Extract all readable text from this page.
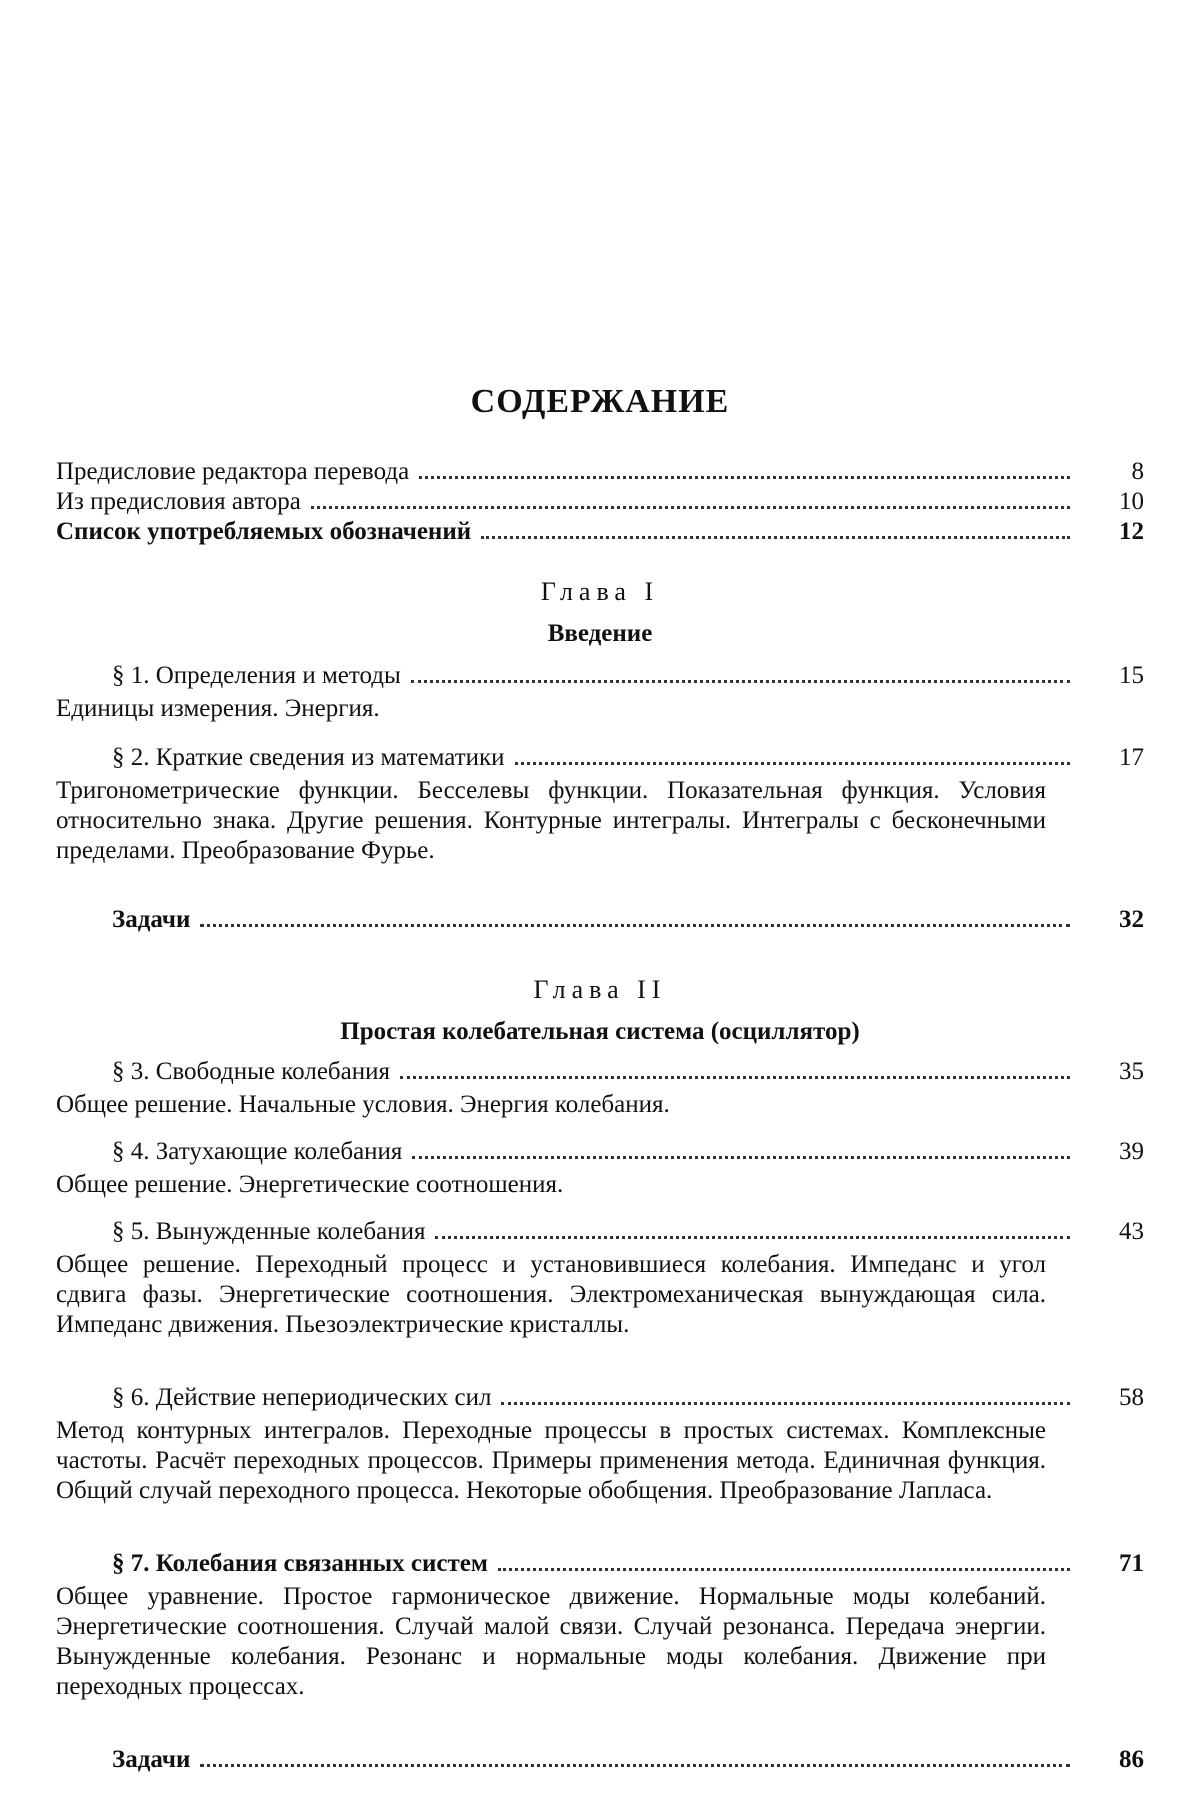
СОДЕРЖАНИЕ
Предисловие редактора перевода	8
Из предисловия автора	10
Список употребляемых обозначений	12
Глава I
Введение
§ 1. Определения и методы	15
Единицы измерения. Энергия.
§ 2. Краткие сведения из математики	17
Тригонометрические функции. Бесселевы функции. Показательная функция. Условия относительно знака. Другие решения. Контурные интегралы. Интегралы с бесконечными пределами. Преобразование Фурье.
Задачи	32
Глава II
Простая колебательная система (осциллятор)
§ 3. Свободные колебания	35
Общее решение. Начальные условия. Энергия колебания.
§ 4. Затухающие колебания	39
Общее решение. Энергетические соотношения.
§ 5. Вынужденные колебания	43
Общее решение. Переходный процесс и установившиеся колебания. Импеданс и угол сдвига фазы. Энергетические соотношения. Электромеханическая вынуждающая сила. Импеданс движения. Пьезоэлектрические кристаллы.
§ 6. Действие непериодических сил	58
Метод контурных интегралов. Переходные процессы в простых системах. Комплексные частоты. Расчёт переходных процессов. Примеры применения метода. Единичная функция. Общий случай переходного процесса. Некоторые обобщения. Преобразование Лапласа.
§ 7. Колебания связанных систем	71
Общее уравнение. Простое гармоническое движение. Нормальные моды колебаний. Энергетические соотношения. Случай малой связи. Случай резонанса. Передача энергии. Вынужденные колебания. Резонанс и нормальные моды колебания. Движение при переходных процессах.
Задачи	86
